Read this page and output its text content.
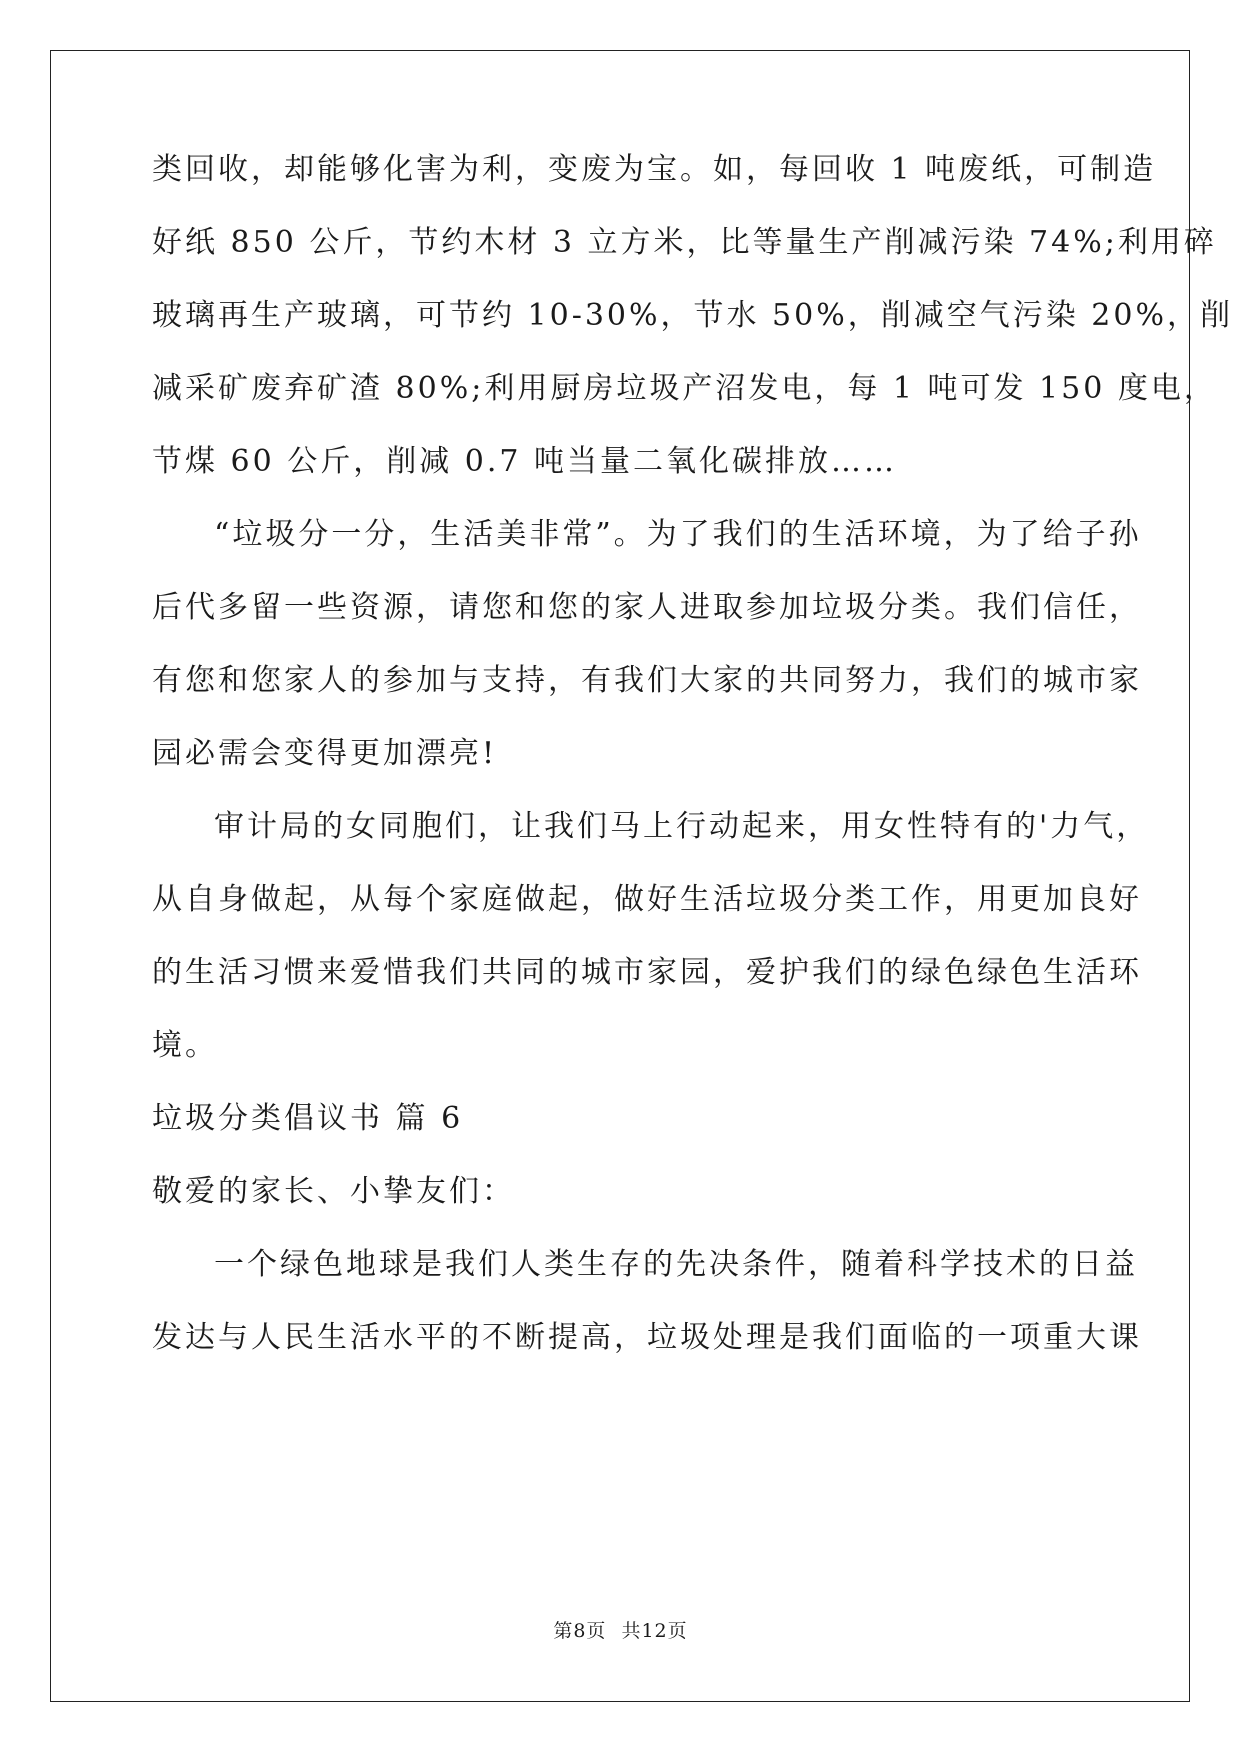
类回收，却能够化害为利，变废为宝。如，每回收 1 吨废纸，可制造
好纸 850 公斤，节约木材 3 立方米，比等量生产削减污染 74%;利用碎
玻璃再生产玻璃，可节约 10-30%，节水 50%，削减空气污染 20%，削
减采矿废弃矿渣 80%;利用厨房垃圾产沼发电，每 1 吨可发 150 度电，
节煤 60 公斤，削减 0.7 吨当量二氧化碳排放……
“垃圾分一分，生活美非常”。为了我们的生活环境，为了给子孙
后代多留一些资源，请您和您的家人进取参加垃圾分类。我们信任，
有您和您家人的参加与支持，有我们大家的共同努力，我们的城市家
园必需会变得更加漂亮!
审计局的女同胞们，让我们马上行动起来，用女性特有的'力气，
从自身做起，从每个家庭做起，做好生活垃圾分类工作，用更加良好
的生活习惯来爱惜我们共同的城市家园，爱护我们的绿色绿色生活环
境。
垃圾分类倡议书 篇 6
敬爱的家长、小挚友们：
一个绿色地球是我们人类生存的先决条件，随着科学技术的日益
发达与人民生活水平的不断提高，垃圾处理是我们面临的一项重大课
第8页 共12页
